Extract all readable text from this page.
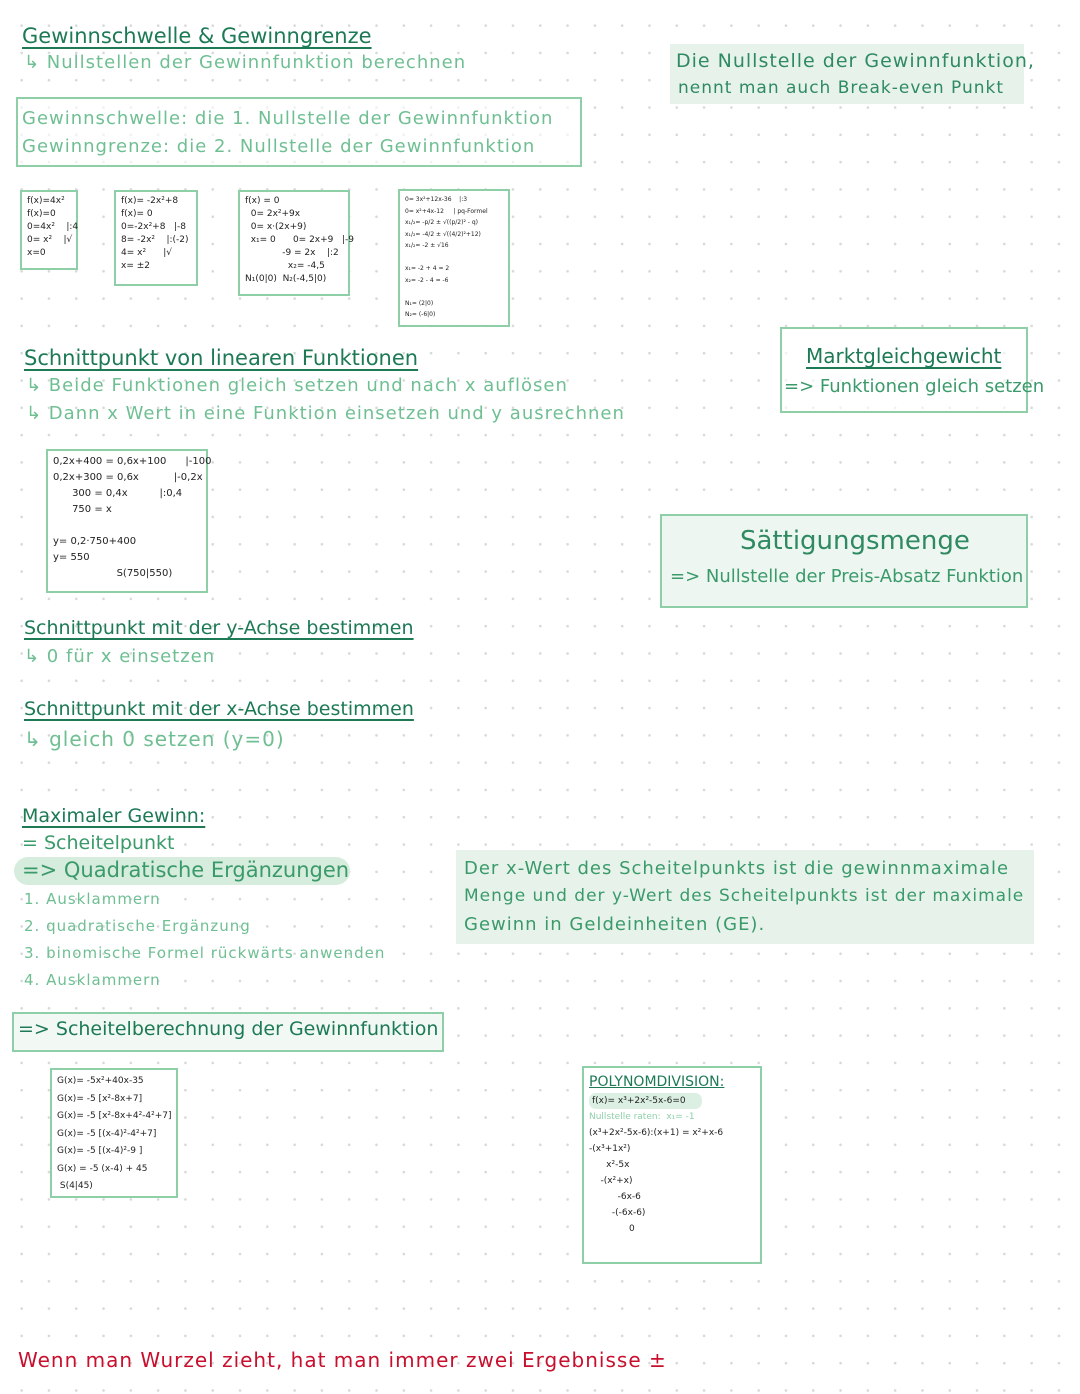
Gewinnschwelle & Gewinngrenze
↳ Nullstellen der Gewinnfunktion berechnen	Die Nullstelle der Gewinnfunktion,
nennt man auch Break-even Punkt
Gewinnschwelle: die 1. Nullstelle der Gewinnfunktion
Gewinngrenze: die 2. Nullstelle der Gewinnfunktion
f(x)=4x²
f(x)=0
0=4x²    |:4
0= x²    |√
x=0
f(x)= -2x²+8
f(x)= 0
0=-2x²+8   |-8
8= -2x²    |:(-2)
4= x²      |√
x= ±2
f(x) = 0
0= 2x²+9x
0= x·(2x+9)
x₁= 0      0= 2x+9   |-9
-9 = 2x    |:2
x₂= -4,5
N₁(0|0)  N₂(-4,5|0)
0= 3x²+12x-36    |:3
0= x²+4x-12     | pq-Formel
x₁/₂= -p/2 ± √((p/2)² - q)
x₁/₂= -4/2 ± √((4/2)²+12)
x₁/₂= -2 ± √16

x₁= -2 + 4 = 2
x₂= -2 - 4 = -6

N₁= (2|0)
N₂= (-6|0)
Schnittpunkt von linearen Funktionen
↳ Beide Funktionen gleich setzen und nach x auflösen
↳ Dann x Wert in eine Funktion einsetzen und y ausrechnen
Marktgleichgewicht
=> Funktionen gleich setzen
0,2x+400 = 0,6x+100      |-100
0,2x+300 = 0,6x           |-0,2x
300 = 0,4x          |:0,4
750 = x

y= 0,2·750+400
y= 550
S(750|550)
Sättigungsmenge
=> Nullstelle der Preis-Absatz Funktion
Schnittpunkt mit der y-Achse bestimmen
↳ 0 für x einsetzen
Schnittpunkt mit der x-Achse bestimmen
↳ gleich 0 setzen (y=0)
Maximaler Gewinn:
= Scheitelpunkt
=> Quadratische Ergänzungen
1. Ausklammern
2. quadratische Ergänzung
3. binomische Formel rückwärts anwenden
4. Ausklammern
Der x-Wert des Scheitelpunkts ist die gewinnmaximale
Menge und der y-Wert des Scheitelpunkts ist der maximale
Gewinn in Geldeinheiten (GE).
=> Scheitelberechnung der Gewinnfunktion
G(x)= -5x²+40x-35
G(x)= -5 [x²-8x+7]
G(x)= -5 [x²-8x+4²-4²+7]
G(x)= -5 [(x-4)²-4²+7]
G(x)= -5 [(x-4)²-9 ]
G(x) = -5 (x-4) + 45
S(4|45)
POLYNOMDIVISION:
f(x)= x³+2x²-5x-6=0
Nullstelle raten:  x₁= -1
(x³+2x²-5x-6):(x+1) = x²+x-6
-(x³+1x²)
x²-5x
-(x²+x)
-6x-6
-(-6x-6)
0
Wenn man Wurzel zieht, hat man immer zwei Ergebnisse ±
